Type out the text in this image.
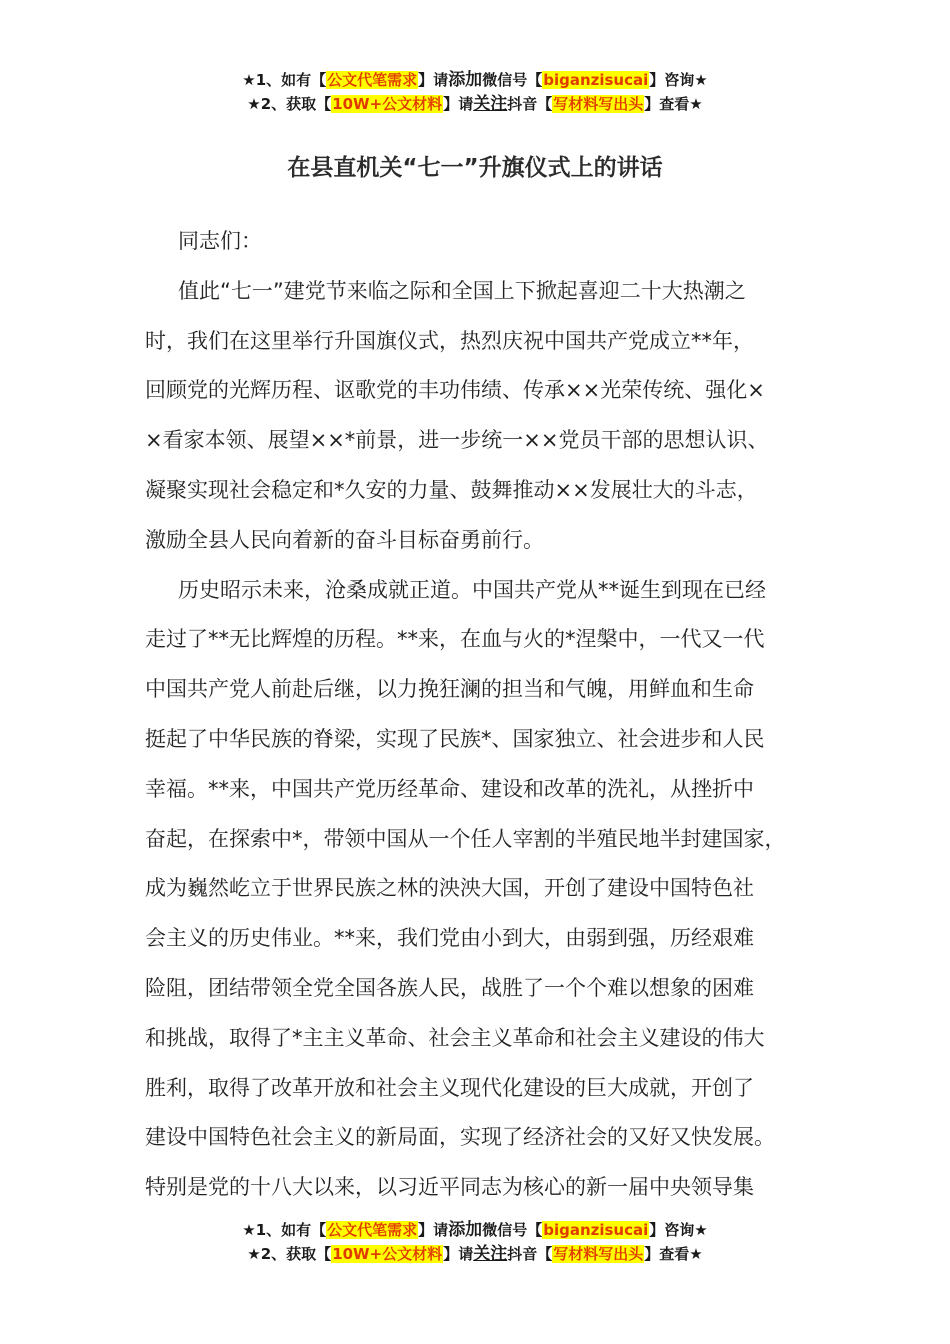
★1、如有【公文代笔需求】请添加微信号【biganzisucai】咨询★
★2、获取【10W+公文材料】请关注抖音【写材料写出头】查看★
在县直机关“七一”升旗仪式上的讲话

同志们：

值此“七一”建党节来临之际和全国上下掀起喜迎二十大热潮之
时，我们在这里举行升国旗仪式，热烈庆祝中国共产党成立**年，
回顾党的光辉历程、讴歌党的丰功伟绩、传承××光荣传统、强化×
×看家本领、展望××*前景，进一步统一××党员干部的思想认识、
凝聚实现社会稳定和*久安的力量、鼓舞推动××发展壮大的斗志，
激励全县人民向着新的奋斗目标奋勇前行。

历史昭示未来，沧桑成就正道。中国共产党从**诞生到现在已经
走过了**无比辉煌的历程。**来，在血与火的*涅槃中，一代又一代
中国共产党人前赴后继，以力挽狂澜的担当和气魄，用鲜血和生命
挺起了中华民族的脊梁，实现了民族*、国家独立、社会进步和人民
幸福。**来，中国共产党历经革命、建设和改革的洗礼，从挫折中
奋起，在探索中*，带领中国从一个任人宰割的半殖民地半封建国家，
成为巍然屹立于世界民族之林的泱泱大国，开创了建设中国特色社
会主义的历史伟业。**来，我们党由小到大，由弱到强，历经艰难
险阻，团结带领全党全国各族人民，战胜了一个个难以想象的困难
和挑战，取得了*主主义革命、社会主义革命和社会主义建设的伟大
胜利，取得了改革开放和社会主义现代化建设的巨大成就，开创了
建设中国特色社会主义的新局面，实现了经济社会的又好又快发展。
特别是党的十八大以来，以习近平同志为核心的新一届中央领导集

★1、如有【公文代笔需求】请添加微信号【biganzisucai】咨询★
★2、获取【10W+公文材料】请关注抖音【写材料写出头】查看★
